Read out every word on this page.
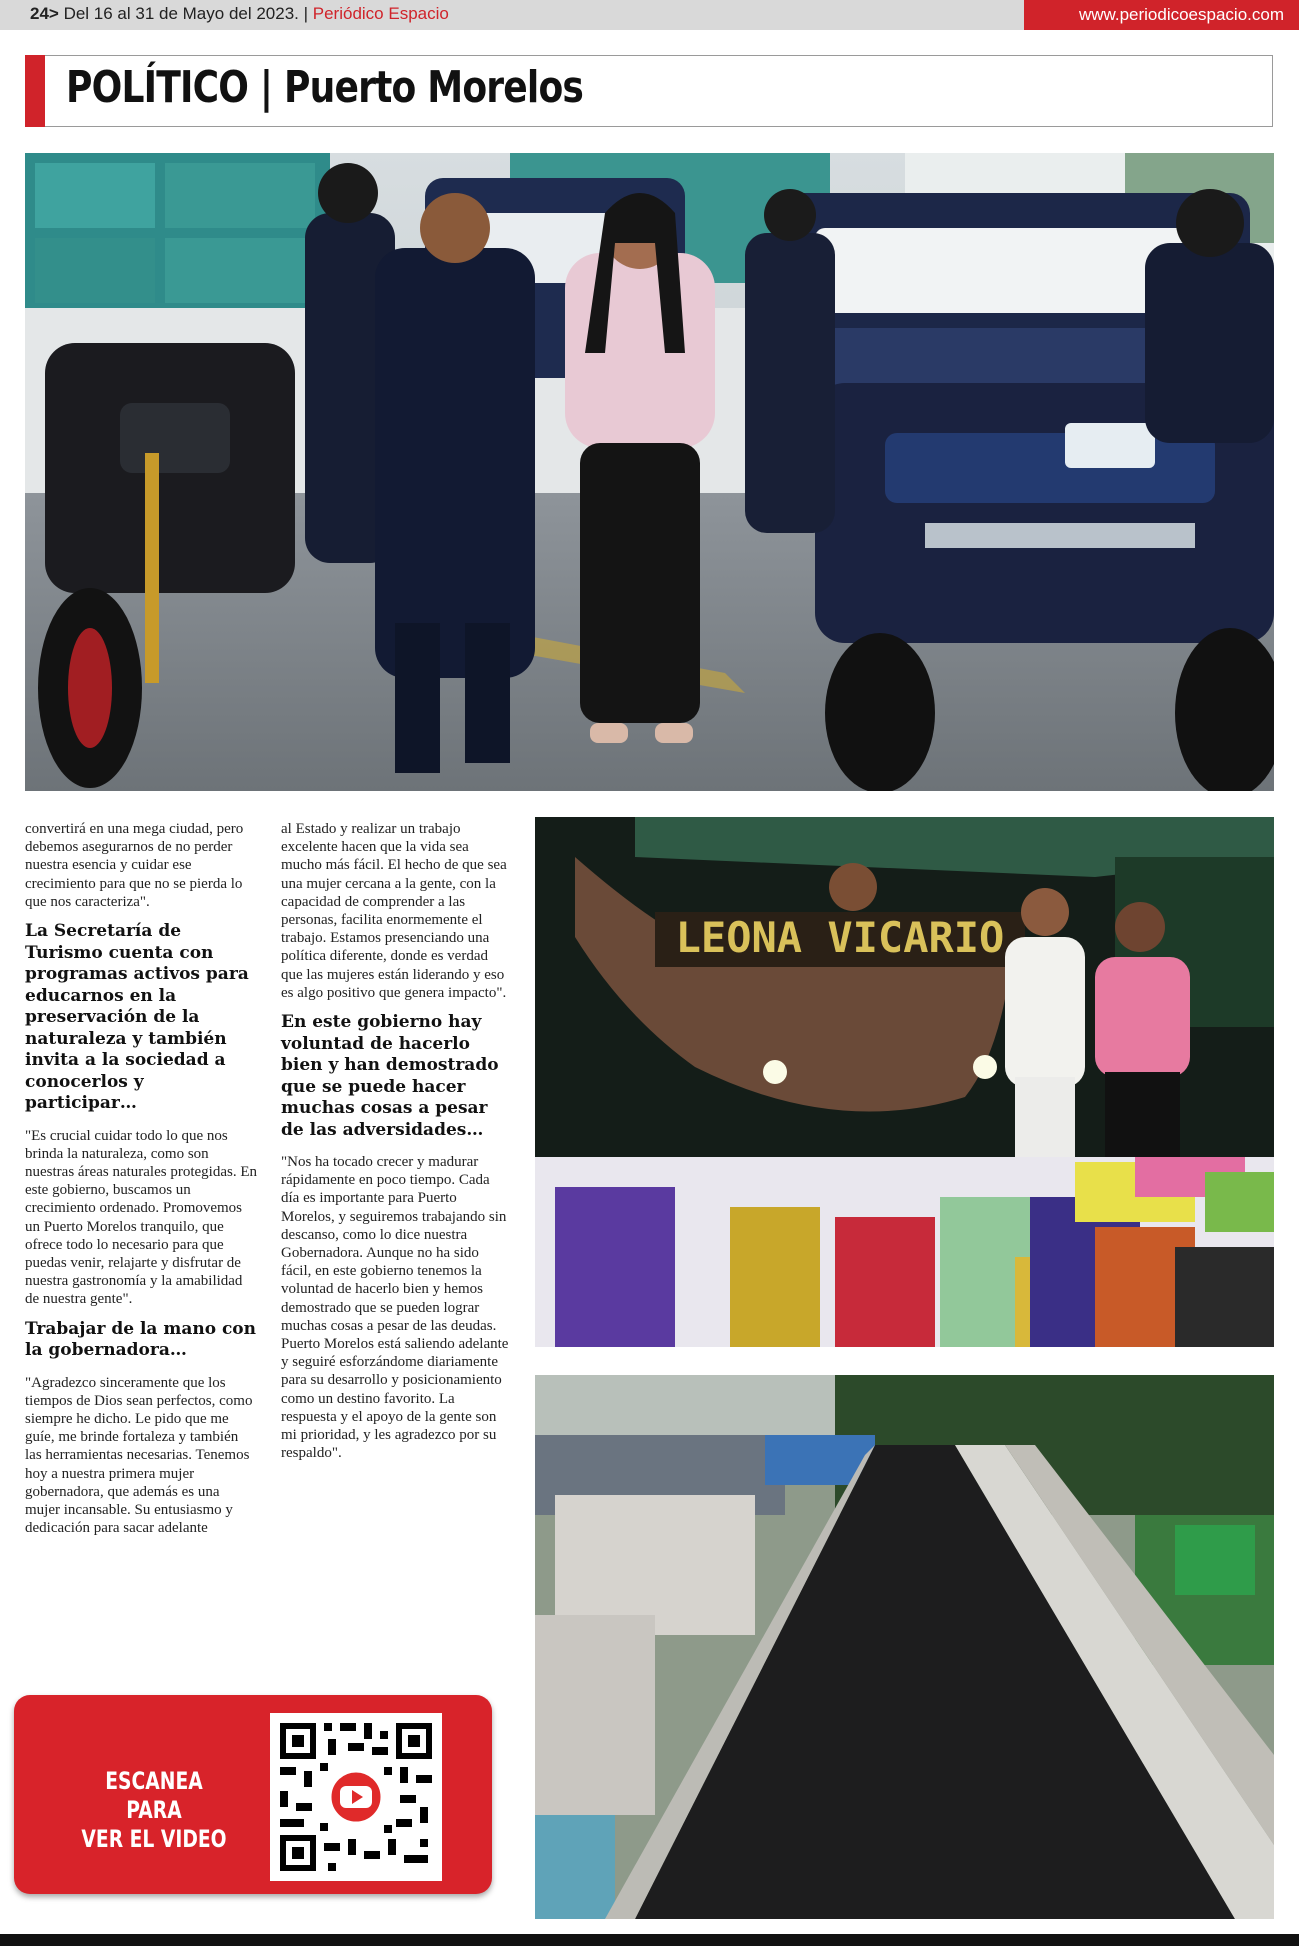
24> Del 16 al 31 de Mayo del 2023. | Periódico Espacio	www.periodicoespacio.com
POLÍTICO | Puerto Morelos

convertirá en una mega ciudad, pero debemos asegurarnos de no perder nuestra esencia y cuidar ese crecimiento para que no se pierda lo que nos caracteriza".

La Secretaría de Turismo cuenta con programas activos para educarnos en la preservación de la naturaleza y también invita a la sociedad a conocerlos y participar…

"Es crucial cuidar todo lo que nos brinda la naturaleza, como son nuestras áreas naturales protegidas. En este gobierno, buscamos un crecimiento ordenado. Promovemos un Puerto Morelos tranquilo, que ofrece todo lo necesario para que puedas venir, relajarte y disfrutar de nuestra gastronomía y la amabilidad de nuestra gente".

Trabajar de la mano con la gobernadora…

"Agradezco sinceramente que los tiempos de Dios sean perfectos, como siempre he dicho. Le pido que me guíe, me brinde fortaleza y también las herramientas necesarias. Tenemos hoy a nuestra primera mujer gobernadora, que además es una mujer incansable. Su entusiasmo y dedicación para sacar adelante

al Estado y realizar un trabajo excelente hacen que la vida sea mucho más fácil. El hecho de que sea una mujer cercana a la gente, con la capacidad de comprender a las personas, facilita enormemente el trabajo. Estamos presenciando una política diferente, donde es verdad que las mujeres están liderando y eso es algo positivo que genera impacto".

En este gobierno hay voluntad de hacerlo bien y han demostrado que se puede hacer muchas cosas a pesar de las adversidades…

"Nos ha tocado crecer y madurar rápidamente en poco tiempo. Cada día es importante para Puerto Morelos, y seguiremos trabajando sin descanso, como lo dice nuestra Gobernadora. Aunque no ha sido fácil, en este gobierno tenemos la voluntad de hacerlo bien y hemos demostrado que se pueden lograr muchas cosas a pesar de las deudas. Puerto Morelos está saliendo adelante y seguiré esforzándome diariamente para su desarrollo y posicionamiento como un destino favorito. La respuesta y el apoyo de la gente son mi prioridad, y les agradezco por su respaldo".

LEONA VICARIO
ESCANEA PARA
VER EL VIDEO
